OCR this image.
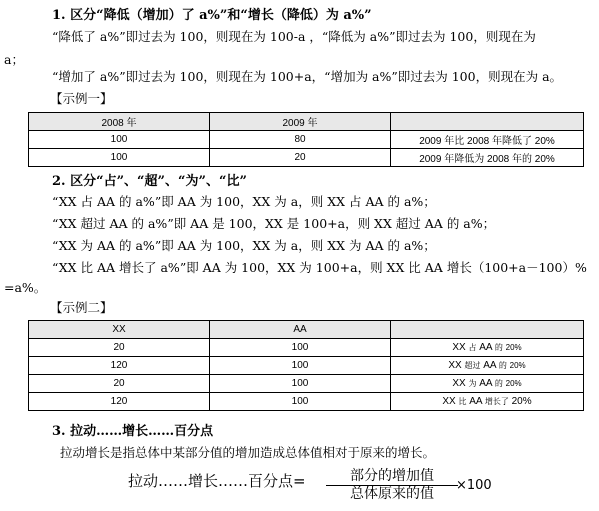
1. 区分“降低（增加）了 a%”和“增长（降低）为 a%”
“降低了 a%”即过去为 100，则现在为 100-a ，“降低为 a%”即过去为 100，则现在为
a；
“增加了 a%”即过去为 100，则现在为 100+a，“增加为 a%”即过去为 100，则现在为 a。
【示例一】
2008 年	2009 年	
100	80	2009 年比 2008 年降低了 20%
100	20	2009 年降低为 2008 年的 20%
2. 区分“占”、“超”、“为”、“比”
“XX 占 AA 的 a%”即 AA 为 100，XX 为 a，则 XX 占 AA 的 a%；
“XX 超过 AA 的 a%”即 AA 是 100，XX 是 100+a，则 XX 超过 AA 的 a%；
“XX 为 AA 的 a%”即 AA 为 100，XX 为 a，则 XX 为 AA 的 a%；
“XX 比 AA 增长了 a%”即 AA 为 100，XX 为 100+a，则 XX 比 AA 增长（100+a－100）%
=a%。
【示例二】
XX	AA	
20	100	XX 占 AA 的 20%
120	100	XX 超过 AA 的 20%
20	100	XX 为 AA 的 20%
120	100	XX 比 AA 增长了 20%
3. 拉动……增长……百分点
拉动增长是指总体中某部分值的增加造成总体值相对于原来的增长。
拉动……增长……百分点=	部分的增加值
总体原来的值
×100
